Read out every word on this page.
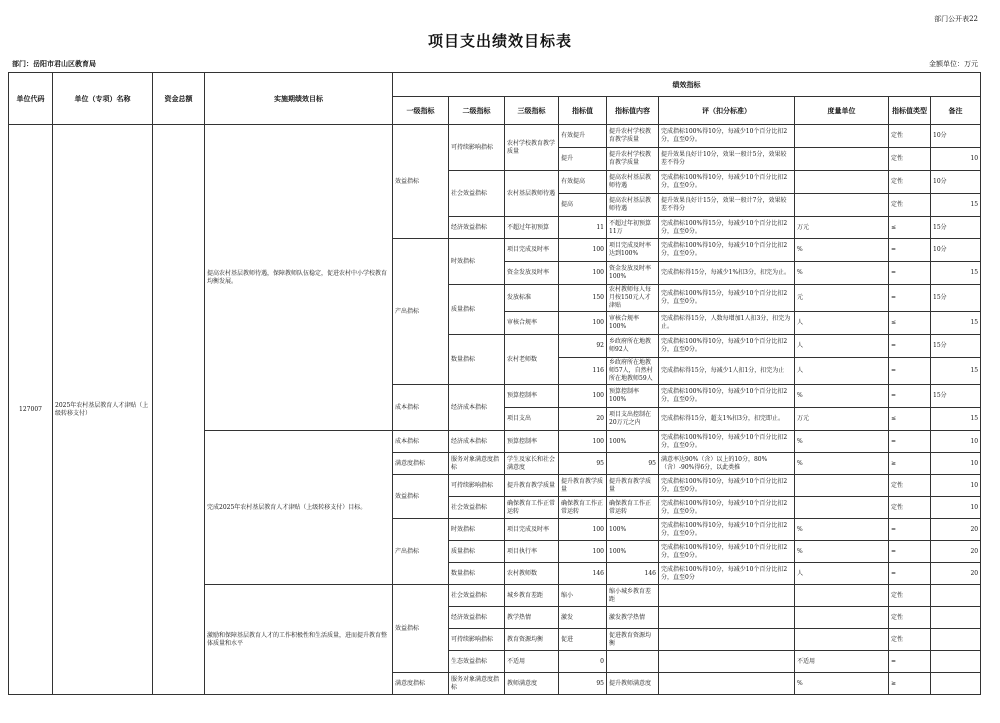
部门公开表22
项目支出绩效目标表
部门：岳阳市君山区教育局	金额单位：万元
单位代码	单位（专项）名称	资金总额	实施期绩效目标	绩效指标								
				一级指标	二级指标	三级指标	指标值	指标值内容	评（扣分标准）	度量单位	指标值类型	备注
127007	2025年农村基层教育人才津贴（上级转移支付）		提高农村基层教师待遇，保障教师队伍稳定，促进农村中小学校教育均衡发展。	效益指标	可持续影响指标	农村学校教育教学质量	有效提升	提升农村学校教育教学质量	完成指标100%得10分，每减少10个百分比扣2分，直至0分。		定性	10分
							提升	提升农村学校教育教学质量	提升效果良好计10分，效果一般计5分，效果较差不得分		定性	10
					社会效益指标	农村基层教师待遇	有效提高	提高农村基层教师待遇	完成指标100%得10分，每减少10个百分比扣2分，直至0分。		定性	10分
							提高	提高农村基层教师待遇	提升效果良好计15分，效果一般计7分，效果较差不得分		定性	15
					经济效益指标	不超过年初预算	11	不超过年初预算11万	完成指标100%得15分，每减少10个百分比扣2分，直至0分。	万元	≤	15分
				产出指标	时效指标	项目完成及时率	100	项目完成及时率达到100%	完成指标100%得10分，每减少10个百分比扣2分，直至0分。	%	=	10分
						资金发放及时率	100	资金发放及时率100%	完成指标得15分，每减少1%扣3分，扣完为止。	%	=	15
					质量指标	发放标准	150	农村教师每人每月按150元人才津贴	完成指标100%得15分，每减少10个百分比扣2分，直至0分。	元	=	15分
						审核合规率	100	审核合规率100%	完成指标得15分，人数每增加1人扣3分，扣完为止。	人	≤	15
					数量指标	农村老师数	92	乡政府所在地教师92人	完成指标100%得10分，每减少10个百分比扣2分，直至0分。	人	=	15分
							116	乡政府所在地教师57人，自然村所在地教师59人	完成指标得15分，每减少1人扣1分，扣完为止	人	=	15
				成本指标	经济成本指标	预算控制率	100	预算控制率100%	完成指标100%得10分，每减少10个百分比扣2分，直至0分。	%	=	15分
						项目支出	20	项目支出控制在20万元之内	完成指标得15分，超支1%扣3分，扣完即止。	万元	≤	15
			完成2025年农村基层教育人才津贴（上级转移支付）目标。	成本指标	经济成本指标	预算控制率	100	100%	完成指标100%得10分，每减少10个百分比扣2分，直至0分。	%	=	10
				满意度指标	服务对象满意度指标	学生及家长和社会满意度	95	95	满意率达90%（含）以上的10分，80%（含）-90%得6分，以此类推	%	≥	10
				效益指标	可持续影响指标	提升教育教学质量	提升教育教学质量	提升教育教学质量	完成指标100%得10分，每减少10个百分比扣2分，直至0分。		定性	10
					社会效益指标	确保教育工作正常运转	确保教育工作正常运转	确保教育工作正常运转	完成指标100%得10分，每减少10个百分比扣2分，直至0分。		定性	10
				产出指标	时效指标	项目完成及时率	100	100%	完成指标100%得10分，每减少10个百分比扣2分，直至0分。	%	=	20
					质量指标	项目执行率	100	100%	完成指标100%得10分，每减少10个百分比扣2分，直至0分。	%	=	20
					数量指标	农村教师数	146	146	完成指标100%得10分，每减少10个百分比扣2分，直至0分	人	=	20
			激励和保障基层教育人才的工作积极性和生活质量，进而提升教育整体质量和水平	效益指标	社会效益指标	城乡教育差距	缩小	缩小城乡教育差距			定性	
					经济效益指标	教学热情	激发	激发教学热情			定性	
					可持续影响指标	教育资源均衡	促进	促进教育资源均衡			定性	
					生态效益指标	不适用	0			不适用	=	
				满意度指标	服务对象满意度指标	教师满意度	95	提升教师满意度		%	≥	
